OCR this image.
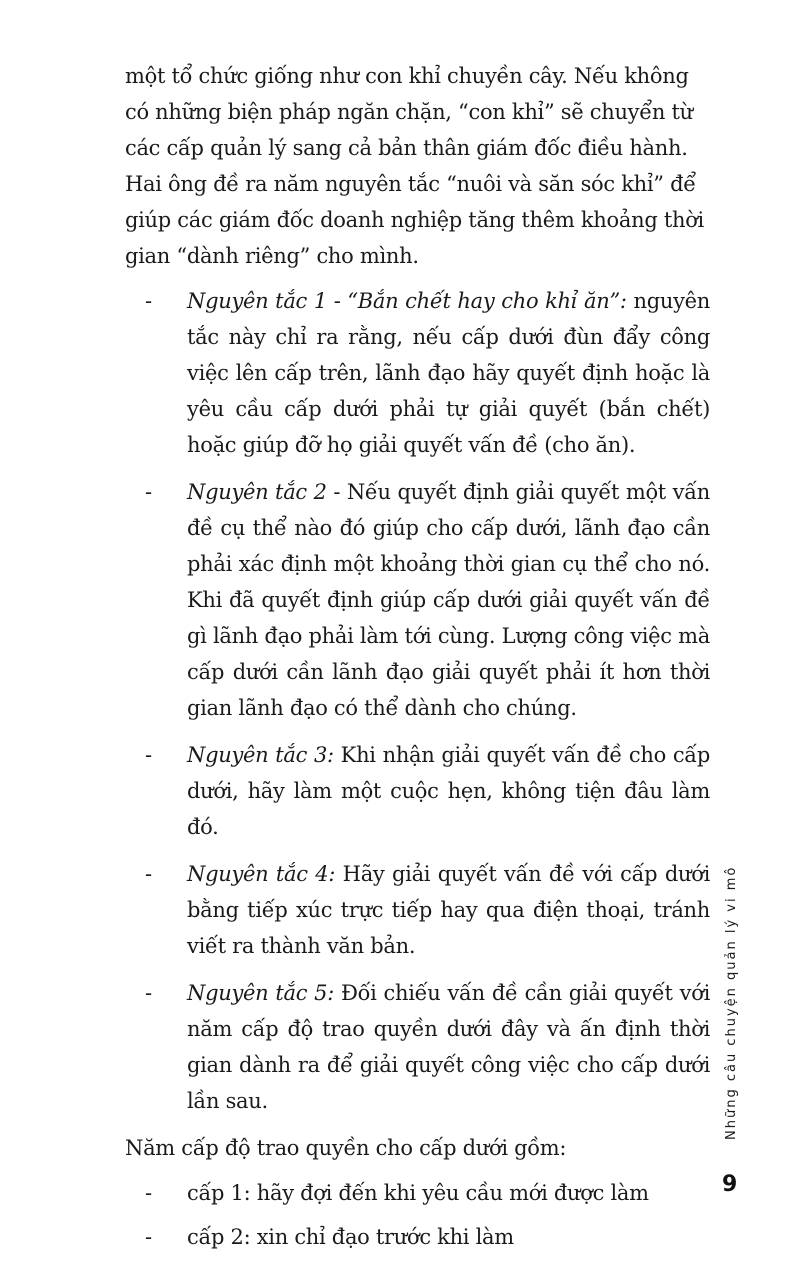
một tổ chức giống như con khỉ chuyền cây. Nếu không có những biện pháp ngăn chặn, “con khỉ” sẽ chuyển từ các cấp quản lý sang cả bản thân giám đốc điều hành. Hai ông đề ra năm nguyên tắc “nuôi và săn sóc khỉ” để giúp các giám đốc doanh nghiệp tăng thêm khoảng thời gian “dành riêng” cho mình.

-	Nguyên tắc 1 - “Bắn chết hay cho khỉ ăn”: nguyên tắc này chỉ ra rằng, nếu cấp dưới đùn đẩy công việc lên cấp trên, lãnh đạo hãy quyết định hoặc là yêu cầu cấp dưới phải tự giải quyết (bắn chết) hoặc giúp đỡ họ giải quyết vấn đề (cho ăn).
-	Nguyên tắc 2 - Nếu quyết định giải quyết một vấn đề cụ thể nào đó giúp cho cấp dưới, lãnh đạo cần phải xác định một khoảng thời gian cụ thể cho nó. Khi đã quyết định giúp cấp dưới giải quyết vấn đề gì lãnh đạo phải làm tới cùng. Lượng công việc mà cấp dưới cần lãnh đạo giải quyết phải ít hơn thời gian lãnh đạo có thể dành cho chúng.
-	Nguyên tắc 3: Khi nhận giải quyết vấn đề cho cấp dưới, hãy làm một cuộc hẹn, không tiện đâu làm đó.
-	Nguyên tắc 4: Hãy giải quyết vấn đề với cấp dưới bằng tiếp xúc trực tiếp hay qua điện thoại, tránh viết ra thành văn bản.
-	Nguyên tắc 5: Đối chiếu vấn đề cần giải quyết với năm cấp độ trao quyền dưới đây và ấn định thời gian dành ra để giải quyết công việc cho cấp dưới lần sau.

Năm cấp độ trao quyền cho cấp dưới gồm:

-	cấp 1: hãy đợi đến khi yêu cầu mới được làm
-	cấp 2: xin chỉ đạo trước khi làm
Những câu chuyện quản lý vi mô
9
